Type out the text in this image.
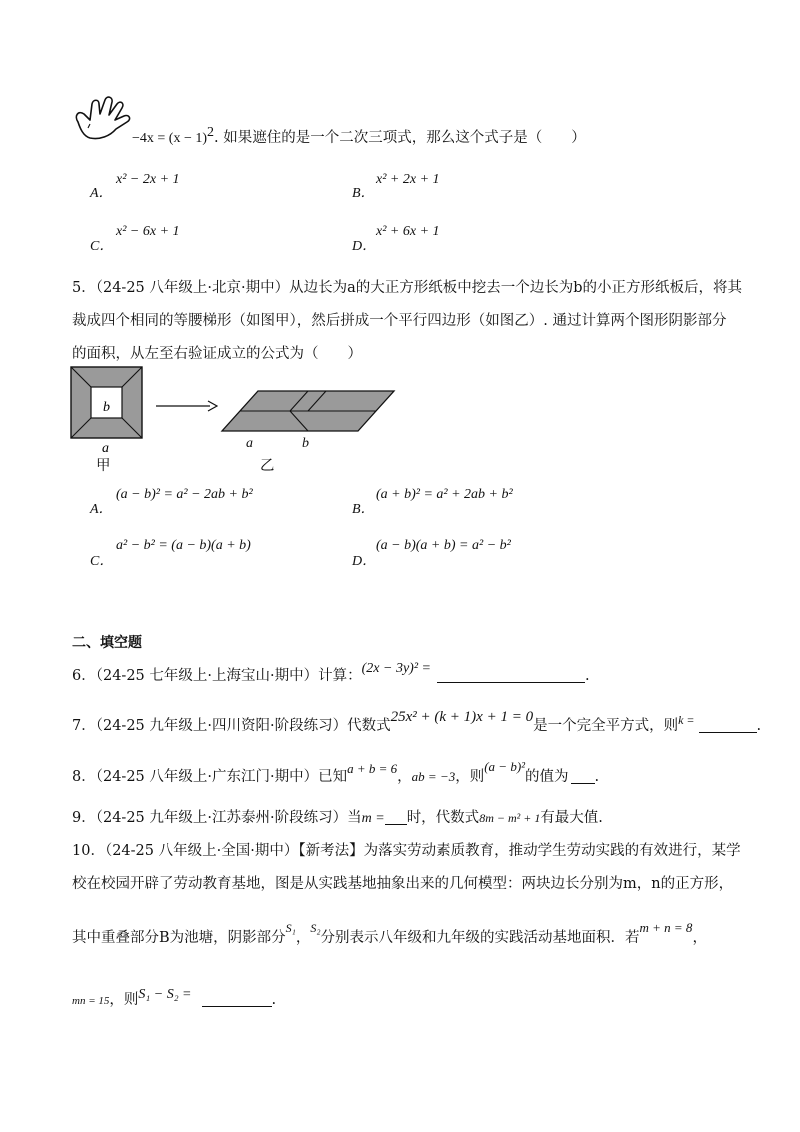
$-4x = (x - 1)^2$. 如果遮住的是一个二次三项式，那么这个式子是（　　）
A．
x² − 2x + 1
B．
x² + 2x + 1
C．
x² − 6x + 1
D．
x² + 6x + 1
5．（24-25 八年级上·北京·期中）从边长为a的大正方形纸板中挖去一个边长为b的小正方形纸板后，将其
裁成四个相同的等腰梯形（如图甲），然后拼成一个平行四边形（如图乙）. 通过计算两个图形阴影部分
的面积，从左至右验证成立的公式为（　　）
b
a
甲
a	b
乙
A．
(a − b)² = a² − 2ab + b²
B．
(a + b)² = a² + 2ab + b²
C．
a² − b² = (a − b)(a + b)
D．
(a − b)(a + b) = a² − b²
二、填空题
6．（24-25 七年级上·上海宝山·期中）计算：(2x − 3y)² =	.
7．（24-25 九年级上·四川资阳·阶段练习）代数式25x² + (k + 1)x + 1 = 0是一个完全平方式，则$^{k =}$	.
8．（24-25 八年级上·广东江门·期中）已知$^{a + b = 6}$，ab = −3，则$^{(a - b)^2}$的值为 .
9．（24-25 九年级上·江苏泰州·阶段练习）当m = 时，代数式8m − m² + 1有最大值.
10．（24-25 八年级上·全国·期中）【新考法】为落实劳动素质教育，推动学生劳动实践的有效进行，某学
校在校园开辟了劳动教育基地，图是从实践基地抽象出来的几何模型：两块边长分别为m，n的正方形，
其中重叠部分B为池塘，阴影部分$^{S_1}$，$^{S_2}$分别表示八年级和九年级的实践活动基地面积．若$^{m + n = 8}$，
mn = 15，则S₁ − S₂ =	.
